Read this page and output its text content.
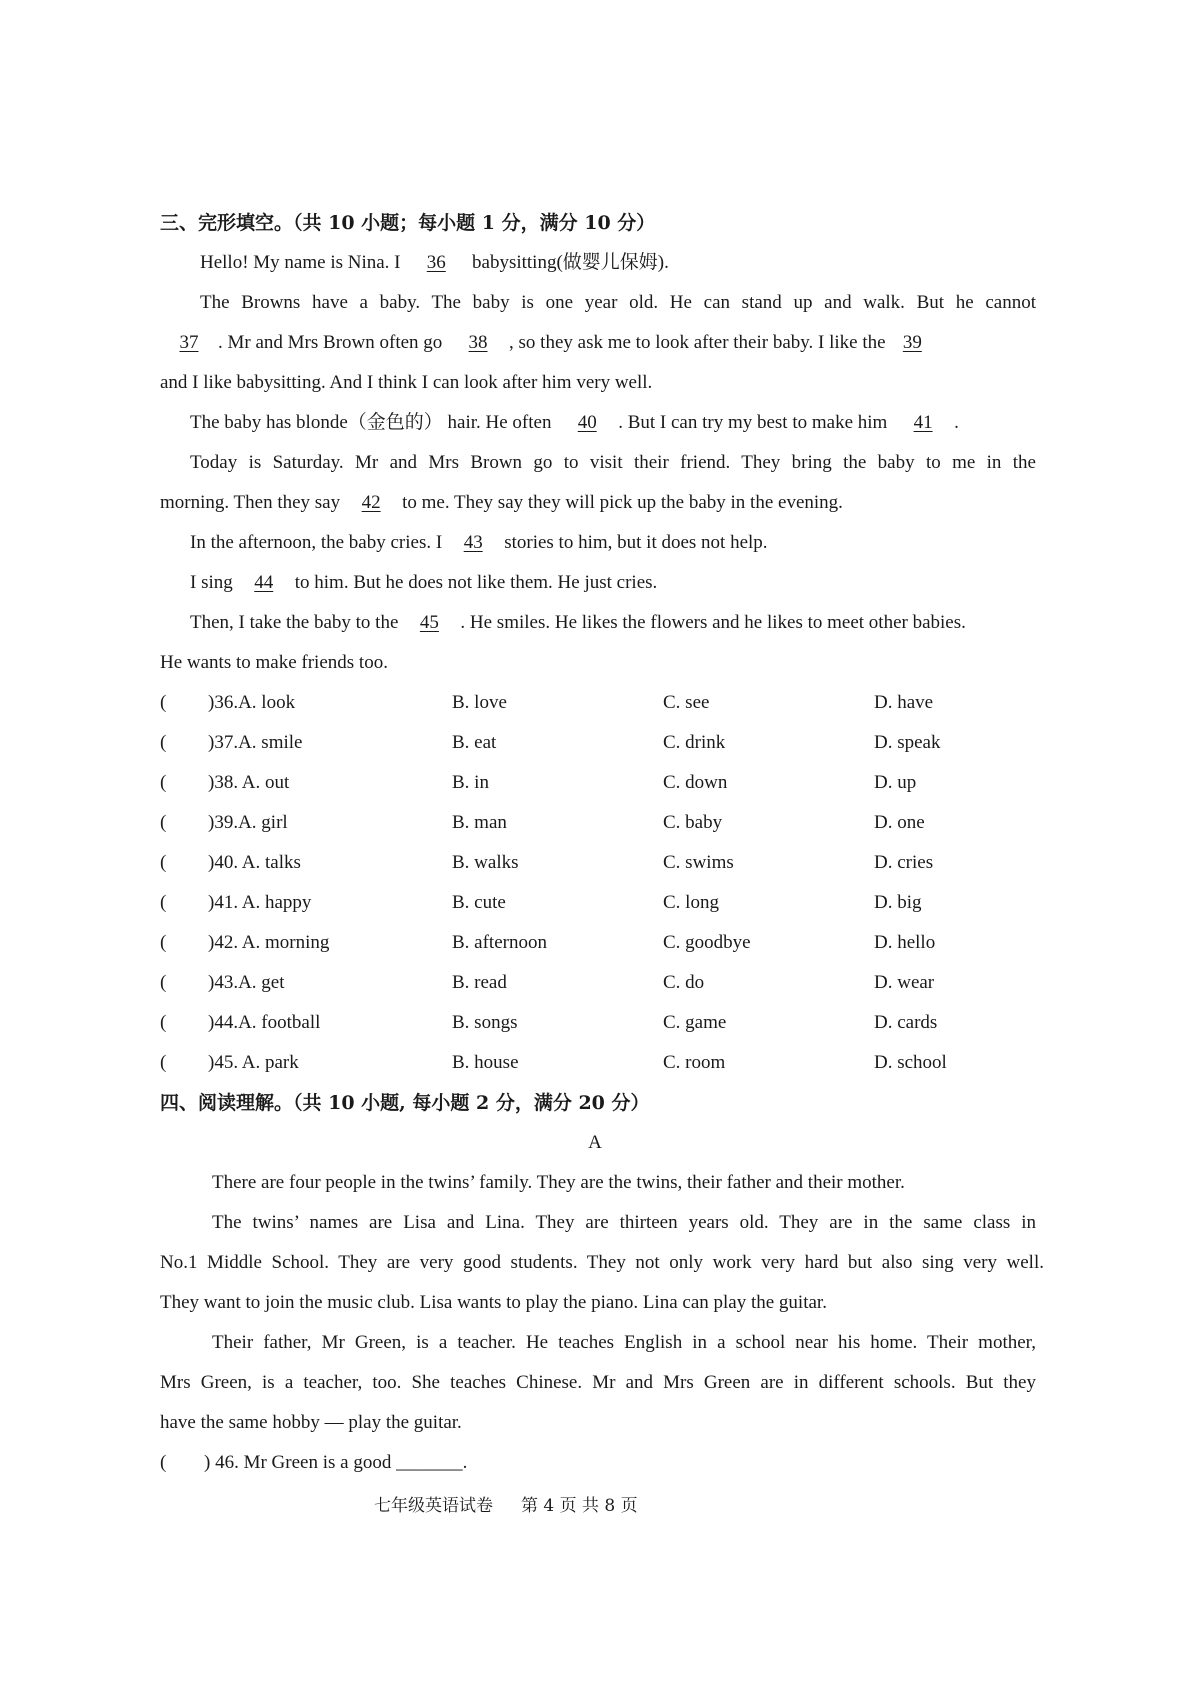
三、完形填空。（共 10 小题；每小题 1 分，满分 10 分）
Hello! My name is Nina. I 36 babysitting(做婴儿保姆).
The Browns have a baby. The baby is one year old. He can stand up and walk. But he cannot
37 . Mr and Mrs Brown often go 38 , so they ask me to look after their baby. I like the 39
and I like babysitting. And I think I can look after him very well.
The baby has blonde（金色的） hair. He often 40 . But I can try my best to make him 41 .
Today is Saturday. Mr and Mrs Brown go to visit their friend. They bring the baby to me in the
morning. Then they say 42 to me. They say they will pick up the baby in the evening.
In the afternoon, the baby cries. I 43 stories to him, but it does not help.
I sing 44 to him. But he does not like them. He just cries.
Then, I take the baby to the 45 . He smiles. He likes the flowers and he likes to meet other babies.
He wants to make friends too.
( )36.A. look	B. love	C. see	D. have
( )37.A. smile	B. eat	C. drink	D. speak
( )38. A. out	B. in	C. down	D. up
( )39.A. girl	B. man	C. baby	D. one
( )40. A. talks	B. walks	C. swims	D. cries
( )41. A. happy	B. cute	C. long	D. big
( )42. A. morning	B. afternoon	C. goodbye	D. hello
( )43.A. get	B. read	C. do	D. wear
( )44.A. football	B. songs	C. game	D. cards
( )45. A. park	B. house	C. room	D. school
四、阅读理解。（共 10 小题, 每小题 2 分，满分 20 分）
A
There are four people in the twins’ family. They are the twins, their father and their mother.
The twins’ names are Lisa and Lina. They are thirteen years old. They are in the same class in
No.1 Middle School. They are very good students. They not only work very hard but also sing very well.
They want to join the music club. Lisa wants to play the piano. Lina can play the guitar.
Their father, Mr Green, is a teacher. He teaches English in a school near his home. Their mother,
Mrs Green, is a teacher, too. She teaches Chinese. Mr and Mrs Green are in different schools. But they
have the same hobby — play the guitar.
( ) 46. Mr Green is a good _______.
七年级英语试卷 第 4 页 共 8 页
